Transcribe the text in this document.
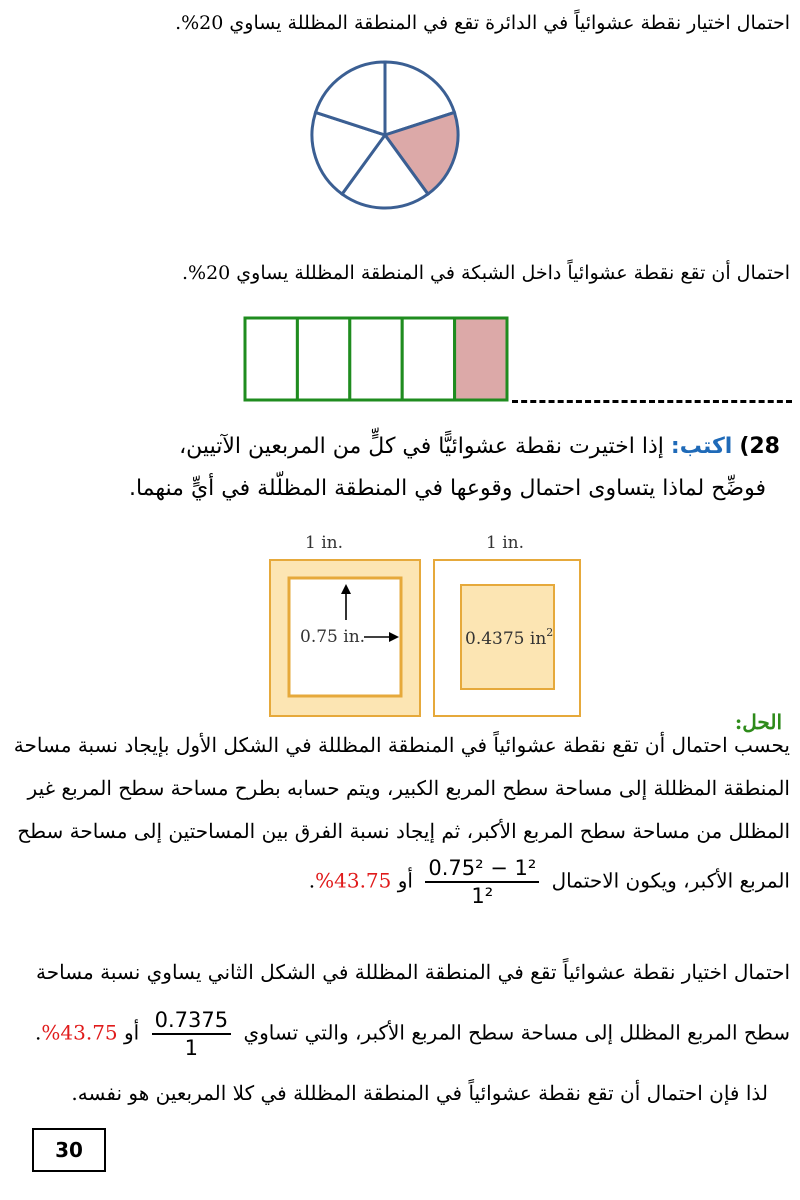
احتمال اختيار نقطة عشوائياً في الدائرة تقع في المنطقة المظللة يساوي 20%.
احتمال أن تقع نقطة عشوائياً داخل الشبكة في المنطقة المظللة يساوي 20%.
28) اكتب: إذا اختيرت نقطة عشوائيًّا في كلٍّ من المربعين الآتيين،
فوضِّح لماذا يتساوى احتمال وقوعها في المنطقة المظلّلة في أيٍّ منهما.
1 in.	1 in.
0.75 in.	0.4375 $in^2$
الحل:
يحسب احتمال أن تقع نقطة عشوائياً في المنطقة المظللة في الشكل الأول بإيجاد نسبة مساحة
المنطقة المظللة إلى مساحة سطح المربع الكبير، ويتم حسابه بطرح مساحة سطح المربع غير
المظلل من مساحة سطح المربع الأكبر، ثم إيجاد نسبة الفرق بين المساحتين إلى مساحة سطح
المربع الأكبر، ويكون الاحتمال
$\frac{\text{1² − 0.75²}}{\text{1²}}$
أو 43.75%.
احتمال اختيار نقطة عشوائياً تقع في المنطقة المظللة في الشكل الثاني يساوي نسبة مساحة
سطح المربع المظلل إلى مساحة سطح المربع الأكبر، والتي تساوي
$\frac{0.7375}{1}$
أو 43.75%.
لذا فإن احتمال أن تقع نقطة عشوائياً في المنطقة المظللة في كلا المربعين هو نفسه.
30
